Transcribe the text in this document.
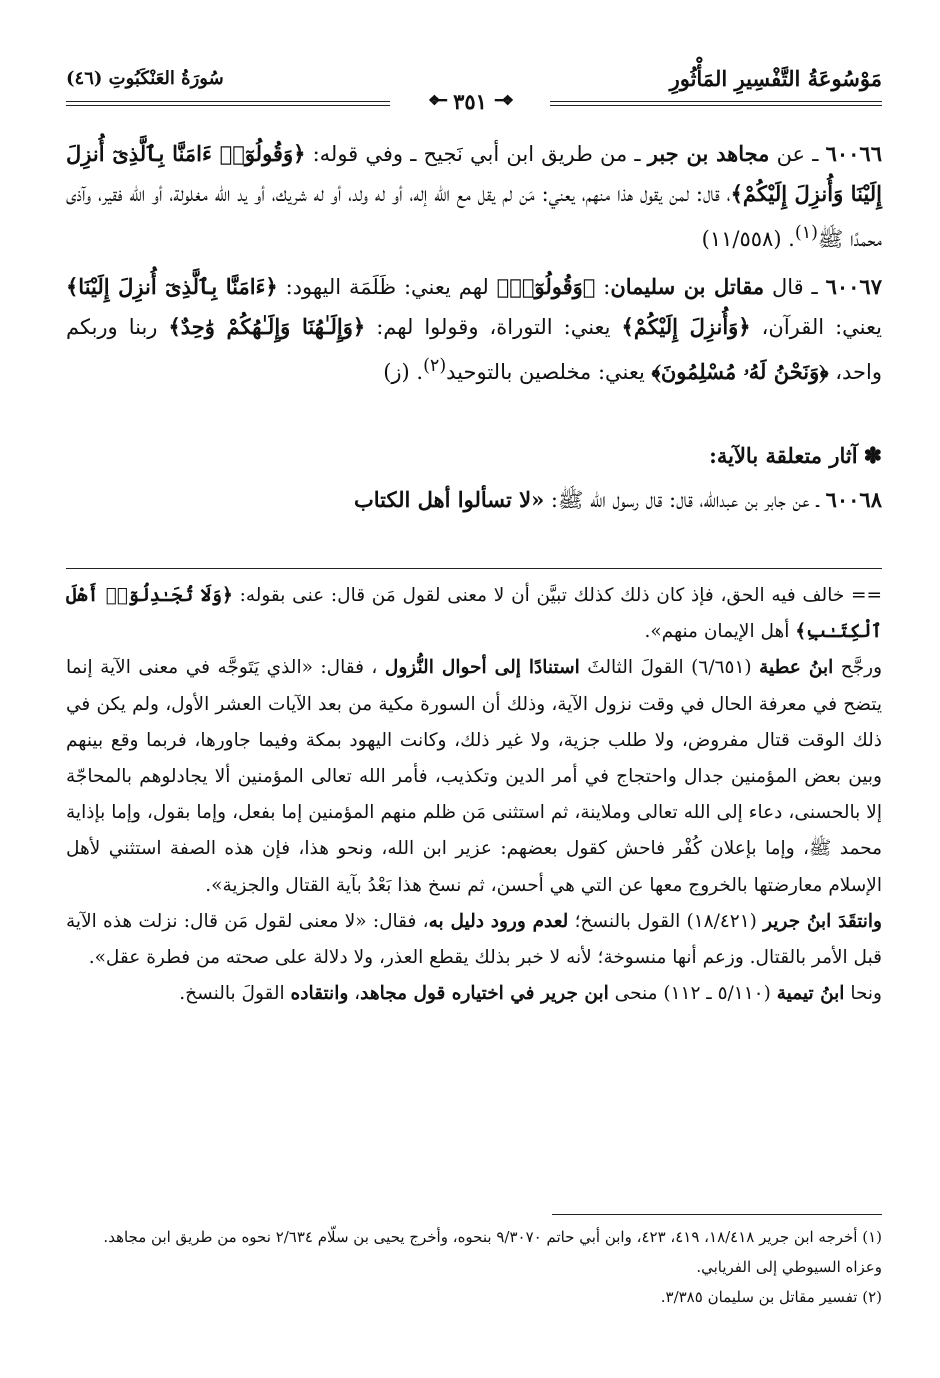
مَوْسُوعَةُ التَّفْسِيرِ المَأْثُورِ
سُورَةُ العَنْكَبُوتِ (٤٦)
❖━
٣٥١
━❖

٦٠٠٦٦ ـ عن مجاهد بن جبر ـ من طريق ابن أبي نَجيح ـ وفي قوله: ﴿وَقُولُوٓا۟ ءَامَنَّا بِٱلَّذِىٓ أُنزِلَ إِلَيْنَا وَأُنزِلَ إِلَيْكُمْ﴾، قال: لمن يقول هذا منهم، يعني: مَن لم يقل مع الله إله، أو له ولد، أو له شريك، أو يد الله مغلولة، أو الله فقير، وآذى محمدًا ﷺ$^{(١)}$. (١١/٥٥٨)

٦٠٠٦٧ ـ قال مقاتل بن سليمان: ﴿وَقُولُوٓا۟﴾ لهم يعني: ظَلَمَة اليهود: ﴿ءَامَنَّا بِٱلَّذِىٓ أُنزِلَ إِلَيْنَا﴾ يعني: القرآن، ﴿وَأُنزِلَ إِلَيْكُمْ﴾ يعني: التوراة، وقولوا لهم: ﴿وَإِلَـٰهُنَا وَإِلَـٰهُكُمْ وَٰحِدٌ﴾ ربنا وربكم واحد، ﴿وَنَحْنُ لَهُۥ مُسْلِمُونَ﴾ يعني: مخلصين بالتوحيد$^{(٢)}$. (ز)

✽آثار متعلقة بالآية:

٦٠٠٦٨ ـ عن جابر بن عبدالله، قال: قال رسول الله ﷺ: «لا تسألوا أهل الكتاب

== خالف فيه الحق، فإذ كان ذلك كذلك تبيَّن أن لا معنى لقول مَن قال: عنى بقوله: ﴿وَلَا تُجَـٰدِلُوٓا۟ أَهْلَ ٱلْكِتَـٰبِ﴾ أهل الإيمان منهم».

ورجَّح ابنُ عطية (٦/٦٥١) القولَ الثالثَ استنادًا إلى أحوال النُّزول ، فقال: «الذي يَتَوجَّه في معنى الآية إنما يتضح في معرفة الحال في وقت نزول الآية، وذلك أن السورة مكية من بعد الآيات العشر الأول، ولم يكن في ذلك الوقت قتال مفروض، ولا طلب جزية، ولا غير ذلك، وكانت اليهود بمكة وفيما جاورها، فربما وقع بينهم وبين بعض المؤمنين جدال واحتجاج في أمر الدين وتكذيب، فأمر الله تعالى المؤمنين ألا يجادلوهم بالمحاجّة إلا بالحسنى، دعاء إلى الله تعالى وملاينة، ثم استثنى مَن ظلم منهم المؤمنين إما بفعل، وإما بقول، وإما بإذاية محمد ﷺ، وإما بإعلان كُفْر فاحش كقول بعضهم: عزير ابن الله، ونحو هذا، فإن هذه الصفة استثني لأهل الإسلام معارضتها بالخروج معها عن التي هي أحسن، ثم نسخ هذا بَعْدُ بآية القتال والجزية».

وانتقَدَ ابنُ جرير (١٨/٤٢١) القول بالنسخ؛ لعدم ورود دليل به، فقال: «لا معنى لقول مَن قال: نزلت هذه الآية قبل الأمر بالقتال. وزعم أنها منسوخة؛ لأنه لا خبر بذلك يقطع العذر، ولا دلالة على صحته من فطرة عقل».

ونحا ابنُ تيمية (٥/١١٠ ـ ١١٢) منحى ابن جرير في اختياره قول مجاهد، وانتقاده القولَ بالنسخ.

(١) أخرجه ابن جرير ١٨/٤١٨، ٤١٩، ٤٢٣، وابن أبي حاتم ٩/٣٠٧٠ بنحوه، وأخرج يحيى بن سلّام ٢/٦٣٤ نحوه من طريق ابن مجاهد. وعزاه السيوطي إلى الفريابي.

(٢) تفسير مقاتل بن سليمان ٣/٣٨٥.
